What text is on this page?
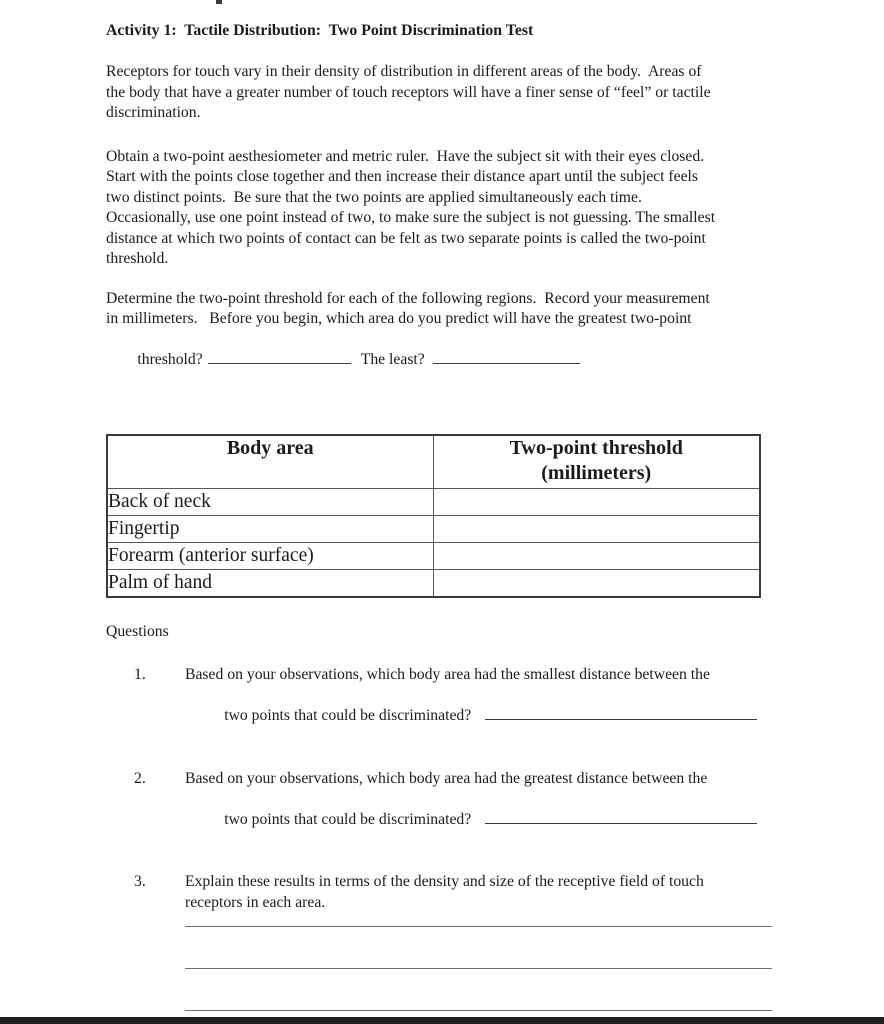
Activity 1:  Tactile Distribution:  Two Point Discrimination Test
Receptors for touch vary in their density of distribution in different areas of the body.  Areas of
the body that have a greater number of touch receptors will have a finer sense of “feel” or tactile
discrimination.
Obtain a two-point aesthesiometer and metric ruler.  Have the subject sit with their eyes closed.
Start with the points close together and then increase their distance apart until the subject feels
two distinct points.  Be sure that the two points are applied simultaneously each time.
Occasionally, use one point instead of two, to make sure the subject is not guessing. The smallest
distance at which two points of contact can be felt as two separate points is called the two-point
threshold.
Determine the two-point threshold for each of the following regions.  Record your measurement
in millimeters.   Before you begin, which area do you predict will have the greatest two-point

threshold?	The least?

Body area	Two-point threshold
(millimeters)

Back of neck	
Fingertip	
Forearm (anterior surface)	
Palm of hand	
Questions
1.	Based on your observations, which body area had the smallest distance between the

two points that could be discriminated?

2.	Based on your observations, which body area had the greatest distance between the

two points that could be discriminated?

3.	Explain these results in terms of the density and size of the receptive field of touch
receptors in each area.
